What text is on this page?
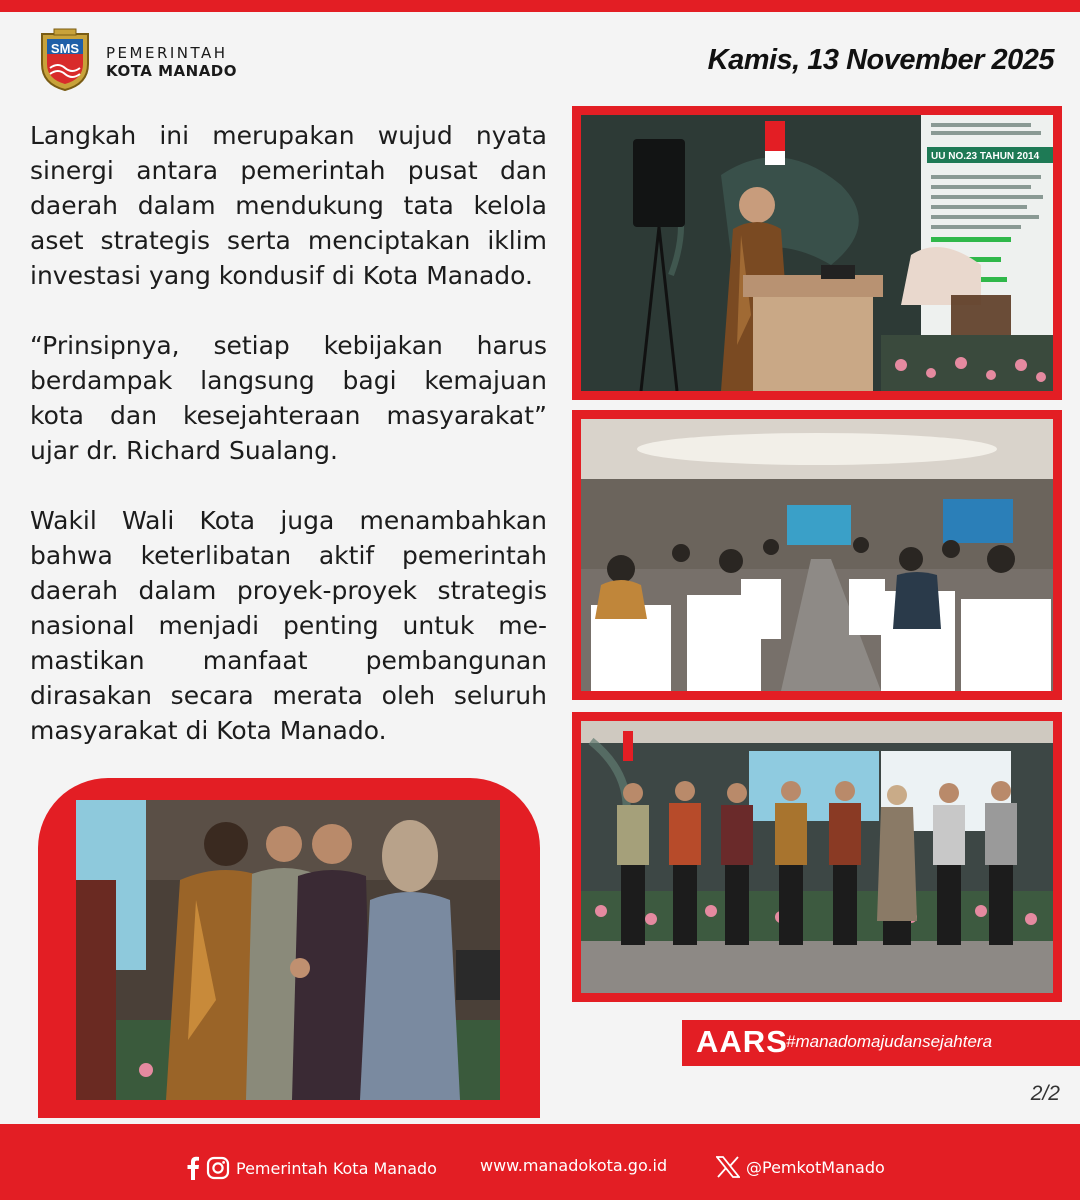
SMS PEMERINTAH
KOTA MANADO	Kamis, 13 November 2025

Langkah ini merupakan wujud nyata sinergi antara pemerintah pusat dan daerah dalam mendukung tata kelola aset strategis serta menciptakan iklim investasi yang kondusif di Kota Manado.

“Prinsipnya, setiap kebijakan harus berdampak langsung bagi kemajuan kota dan kesejahteraan masyarakat” ujar dr. Richard Sualang.

Wakil Wali Kota juga menambahkan bahwa keterlibatan aktif pemerintah daerah dalam proyek-proyek strategis nasional menjadi penting untuk memastikan manfaat pembangunan dirasakan secara merata oleh seluruh masyarakat di Kota Manado.

UU NO.23 TAHUN 2014
AARS
#manadomajudansejahtera
2/2
Pemerintah Kota Manado	www.manadokota.go.id	@PemkotManado
